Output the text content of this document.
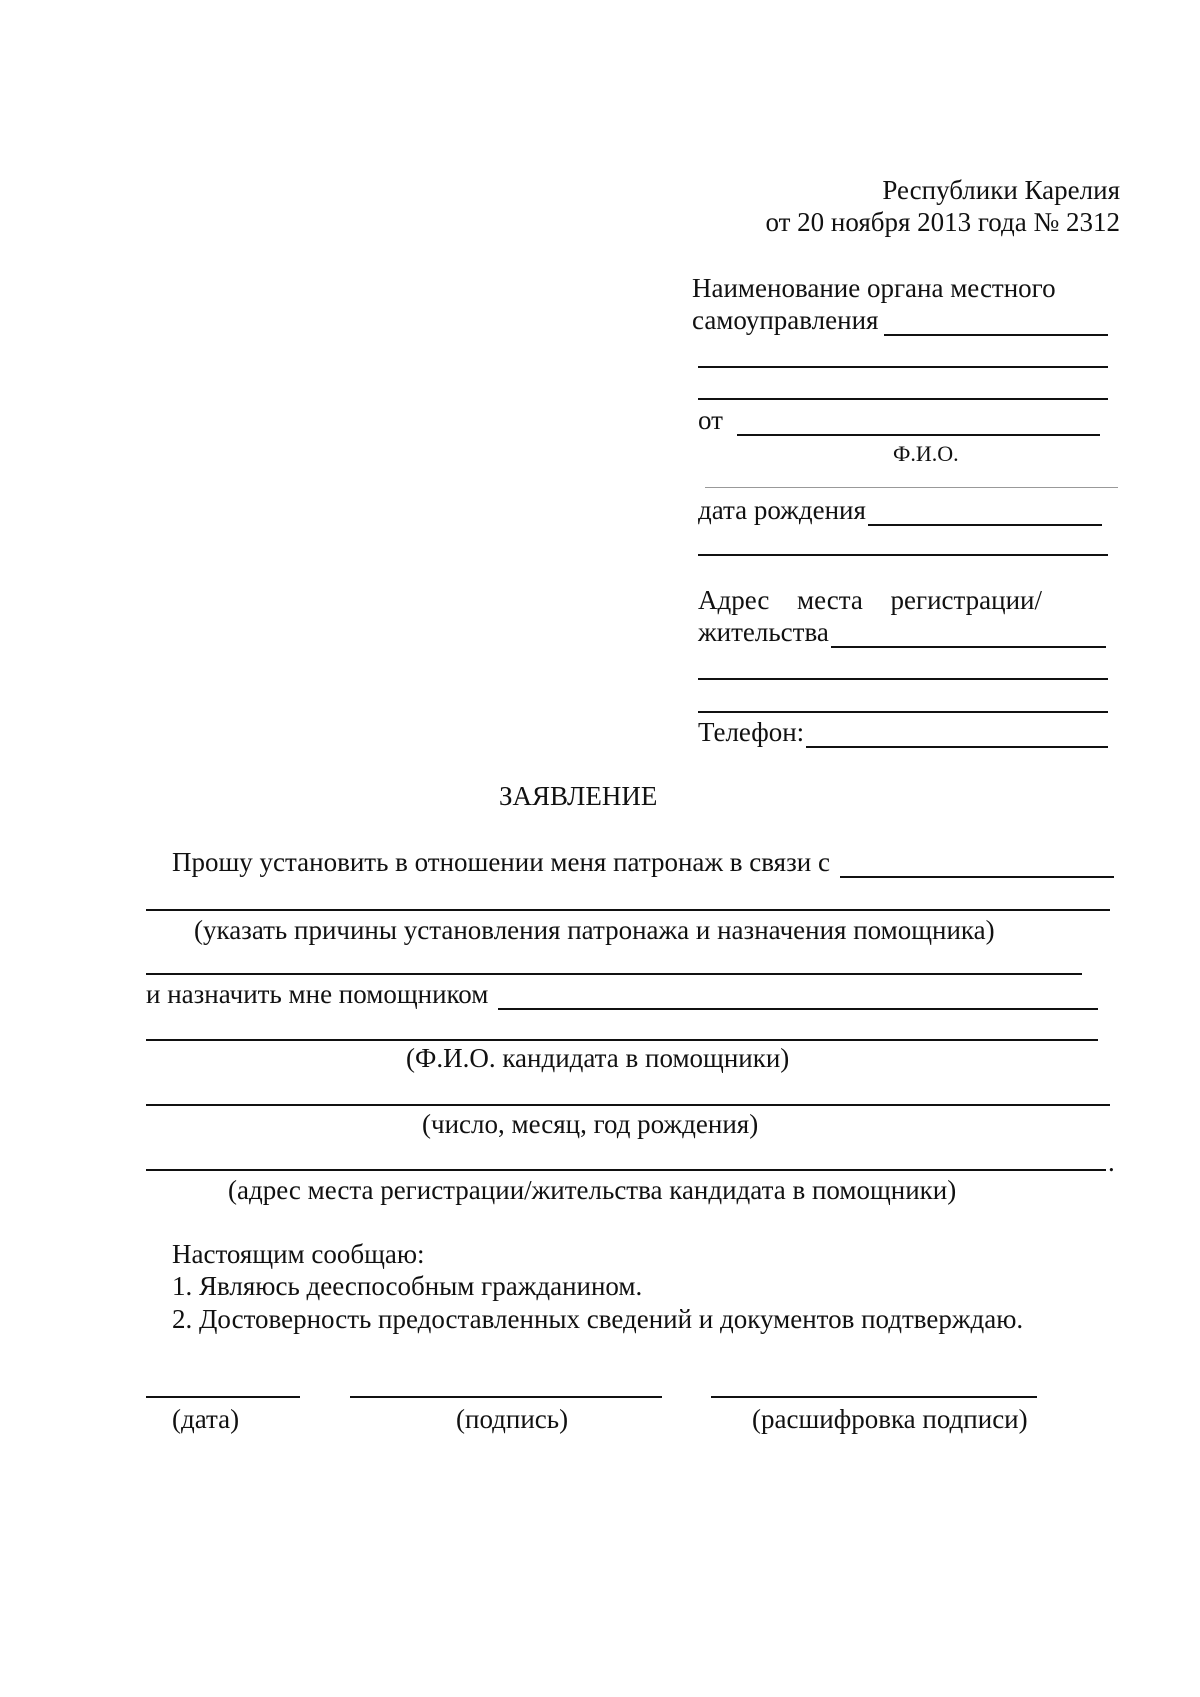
Республики Карелия
от 20 ноября 2013 года № 2312
Наименование органа местного
самоуправления
от
Ф.И.О.
дата рождения
Адрес места регистрации/
жительства
Телефон:
ЗАЯВЛЕНИЕ
Прошу установить в отношении меня патронаж в связи с
(указать причины установления патронажа и назначения помощника)
и назначить мне помощником
(Ф.И.О. кандидата в помощники)
(число, месяц, год рождения)
.
(адрес места регистрации/жительства кандидата в помощники)
Настоящим сообщаю:
1. Являюсь дееспособным гражданином.
2. Достоверность предоставленных сведений и документов подтверждаю.
(дата)	(подпись)	(расшифровка подписи)
